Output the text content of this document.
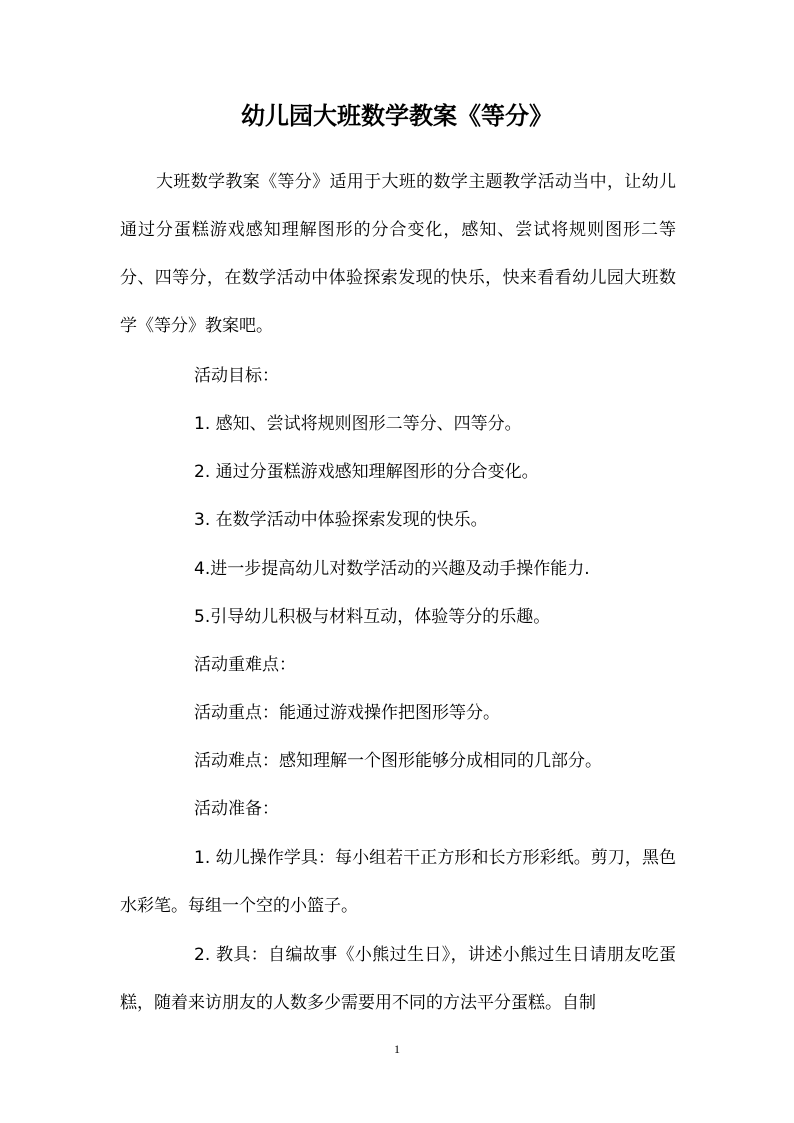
幼儿园大班数学教案《等分》
大班数学教案《等分》适用于大班的数学主题教学活动当中，让幼儿通过分蛋糕游戏感知理解图形的分合变化，感知、尝试将规则图形二等分、四等分，在数学活动中体验探索发现的快乐，快来看看幼儿园大班数学《等分》教案吧。
活动目标：
1. 感知、尝试将规则图形二等分、四等分。
2. 通过分蛋糕游戏感知理解图形的分合变化。
3. 在数学活动中体验探索发现的快乐。
4.进一步提高幼儿对数学活动的兴趣及动手操作能力.
5.引导幼儿积极与材料互动，体验等分的乐趣。
活动重难点：
活动重点：能通过游戏操作把图形等分。
活动难点：感知理解一个图形能够分成相同的几部分。
活动准备：
1. 幼儿操作学具：每小组若干正方形和长方形彩纸。剪刀，黑色水彩笔。每组一个空的小篮子。
2. 教具：自编故事《小熊过生日》，讲述小熊过生日请朋友吃蛋糕，随着来访朋友的人数多少需要用不同的方法平分蛋糕。自制
1
